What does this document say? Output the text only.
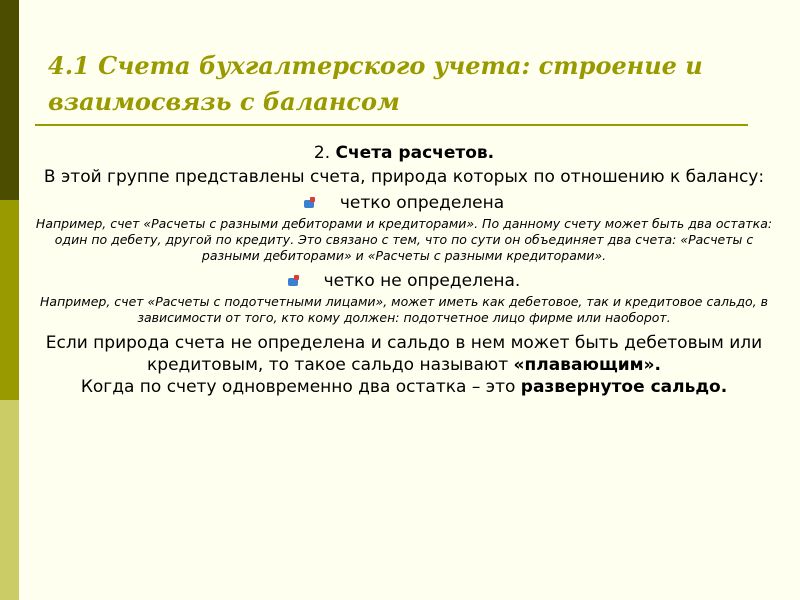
4.1 Счета бухгалтерского учета: строение и взаимосвязь с балансом

2. Счета расчетов.

В этой группе представлены счета, природа которых по отношению к балансу:

четко определена

Например, счет «Расчеты с разными дебиторами и кредиторами». По данному счету может быть два остатка: один по дебету, другой по кредиту. Это связано с тем, что по сути он объединяет два счета: «Расчеты с разными дебиторами» и «Расчеты с разными кредиторами».

четко не определена.

Например, счет «Расчеты с подотчетными лицами», может иметь как дебетовое, так и кредитовое сальдо, в зависимости от того, кто кому должен: подотчетное лицо фирме или наоборот.

Если природа счета не определена и сальдо в нем может быть дебетовым или кредитовым, то такое сальдо называют «плавающим».

Когда по счету одновременно два остатка – это развернутое сальдо.
